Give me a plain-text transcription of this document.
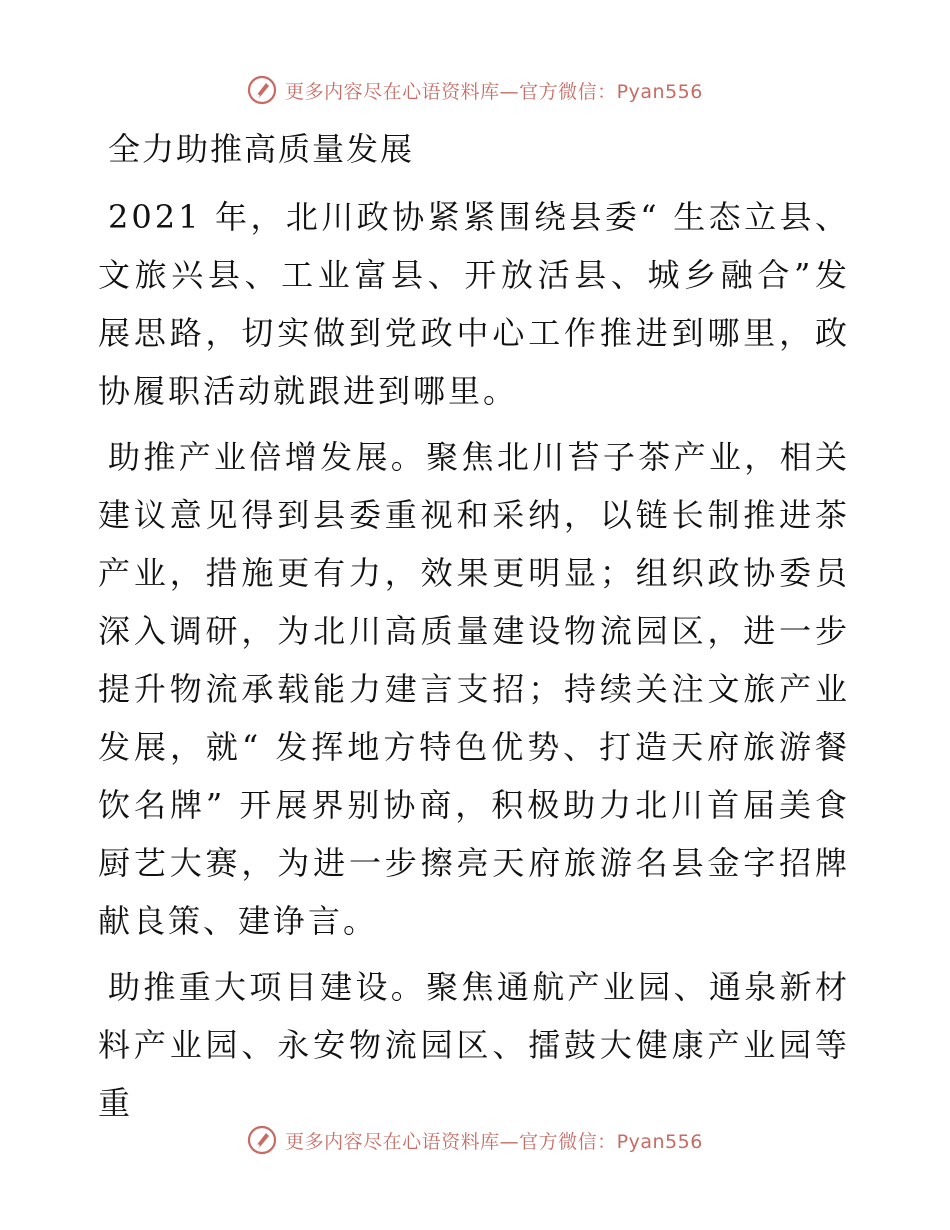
更多内容尽在心语资料库—官方微信：Pyan556
全力助推高质量发展

2021 年，北川政协紧紧围绕县委“ 生态立县、文旅兴县、工业富县、开放活县、城乡融合”发展思路，切实做到党政中心工作推进到哪里，政协履职活动就跟进到哪里。

助推产业倍增发展。聚焦北川苔子茶产业，相关建议意见得到县委重视和采纳，以链长制推进茶产业，措施更有力，效果更明显；组织政协委员深入调研，为北川高质量建设物流园区，进一步提升物流承载能力建言支招；持续关注文旅产业发展，就“ 发挥地方特色优势、打造天府旅游餐饮名牌” 开展界别协商，积极助力北川首届美食厨艺大赛，为进一步擦亮天府旅游名县金字招牌献良策、建诤言。

助推重大项目建设。聚焦通航产业园、通泉新材料产业园、永安物流园区、擂鼓大健康产业园等重

更多内容尽在心语资料库—官方微信：Pyan556
